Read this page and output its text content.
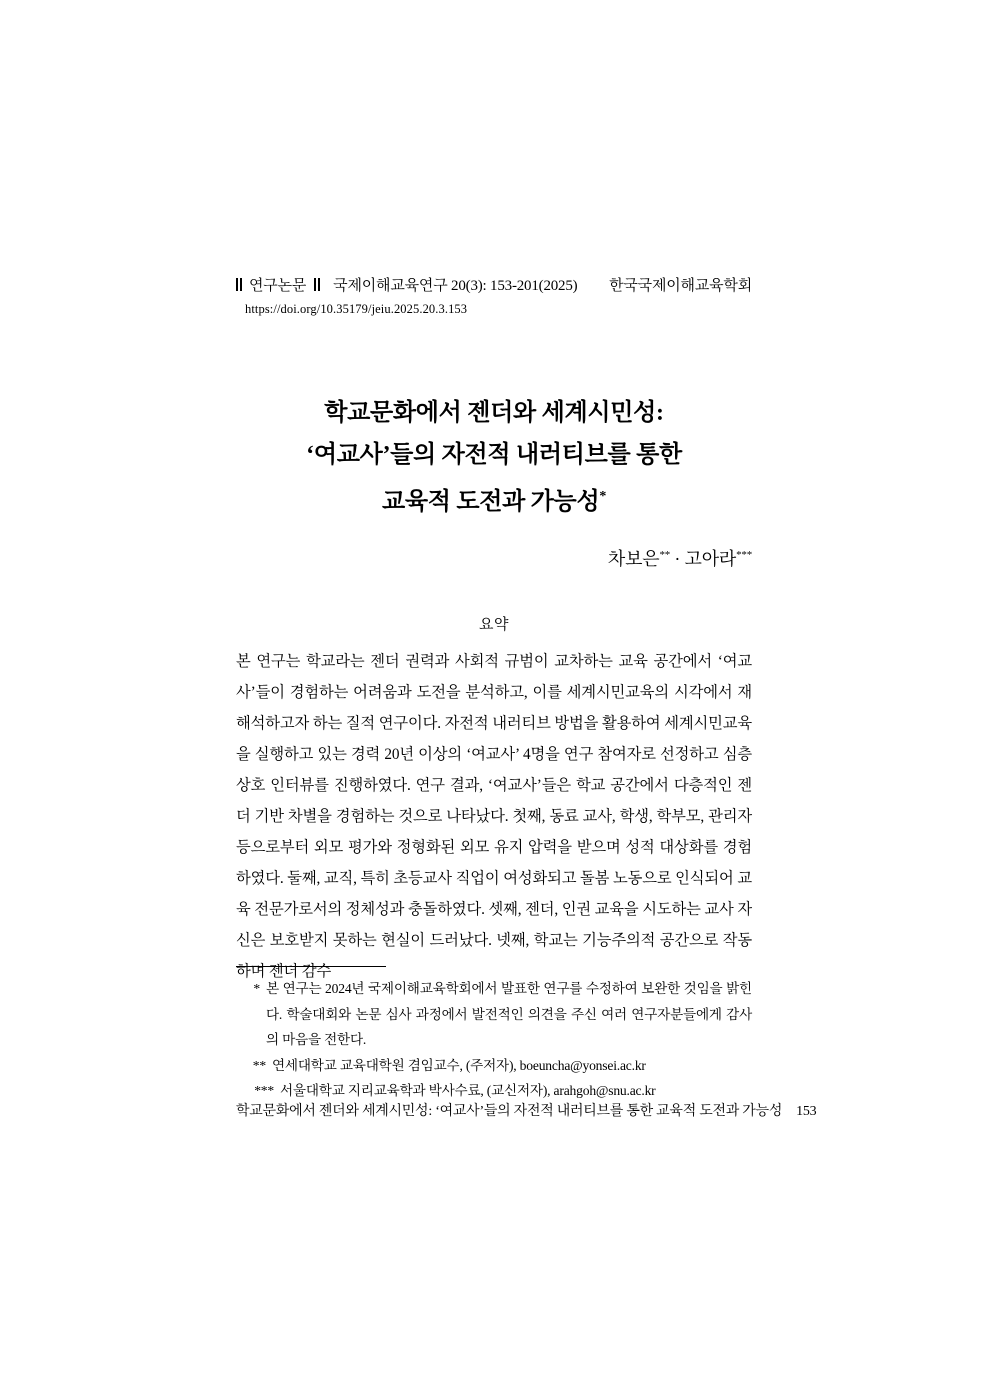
연구논문 국제이해교육연구 20(3): 153-201(2025)	한국국제이해교육학회
https://doi.org/10.35179/jeiu.2025.20.3.153
학교문화에서 젠더와 세계시민성:
‘여교사’들의 자전적 내러티브를 통한
교육적 도전과 가능성*
차보은** · 고아라***
요약
본 연구는 학교라는 젠더 권력과 사회적 규범이 교차하는 교육 공간에서 ‘여교사’들이 경험하는 어려움과 도전을 분석하고, 이를 세계시민교육의 시각에서 재해석하고자 하는 질적 연구이다. 자전적 내러티브 방법을 활용하여 세계시민교육을 실행하고 있는 경력 20년 이상의 ‘여교사’ 4명을 연구 참여자로 선정하고 심층 상호 인터뷰를 진행하였다. 연구 결과, ‘여교사’들은 학교 공간에서 다층적인 젠더 기반 차별을 경험하는 것으로 나타났다. 첫째, 동료 교사, 학생, 학부모, 관리자 등으로부터 외모 평가와 정형화된 외모 유지 압력을 받으며 성적 대상화를 경험하였다. 둘째, 교직, 특히 초등교사 직업이 여성화되고 돌봄 노동으로 인식되어 교육 전문가로서의 정체성과 충돌하였다. 셋째, 젠더, 인권 교육을 시도하는 교사 자신은 보호받지 못하는 현실이 드러났다. 넷째, 학교는 기능주의적 공간으로 작동하며 젠더 감수
* 본 연구는 2024년 국제이해교육학회에서 발표한 연구를 수정하여 보완한 것임을 밝힌다. 학술대회와 논문 심사 과정에서 발전적인 의견을 주신 여러 연구자분들에게 감사의 마음을 전한다.
** 연세대학교 교육대학원 겸임교수, (주저자), boeuncha@yonsei.ac.kr
*** 서울대학교 지리교육학과 박사수료, (교신저자), arahgoh@snu.ac.kr
학교문화에서 젠더와 세계시민성: ‘여교사’들의 자전적 내러티브를 통한 교육적 도전과 가능성 153
